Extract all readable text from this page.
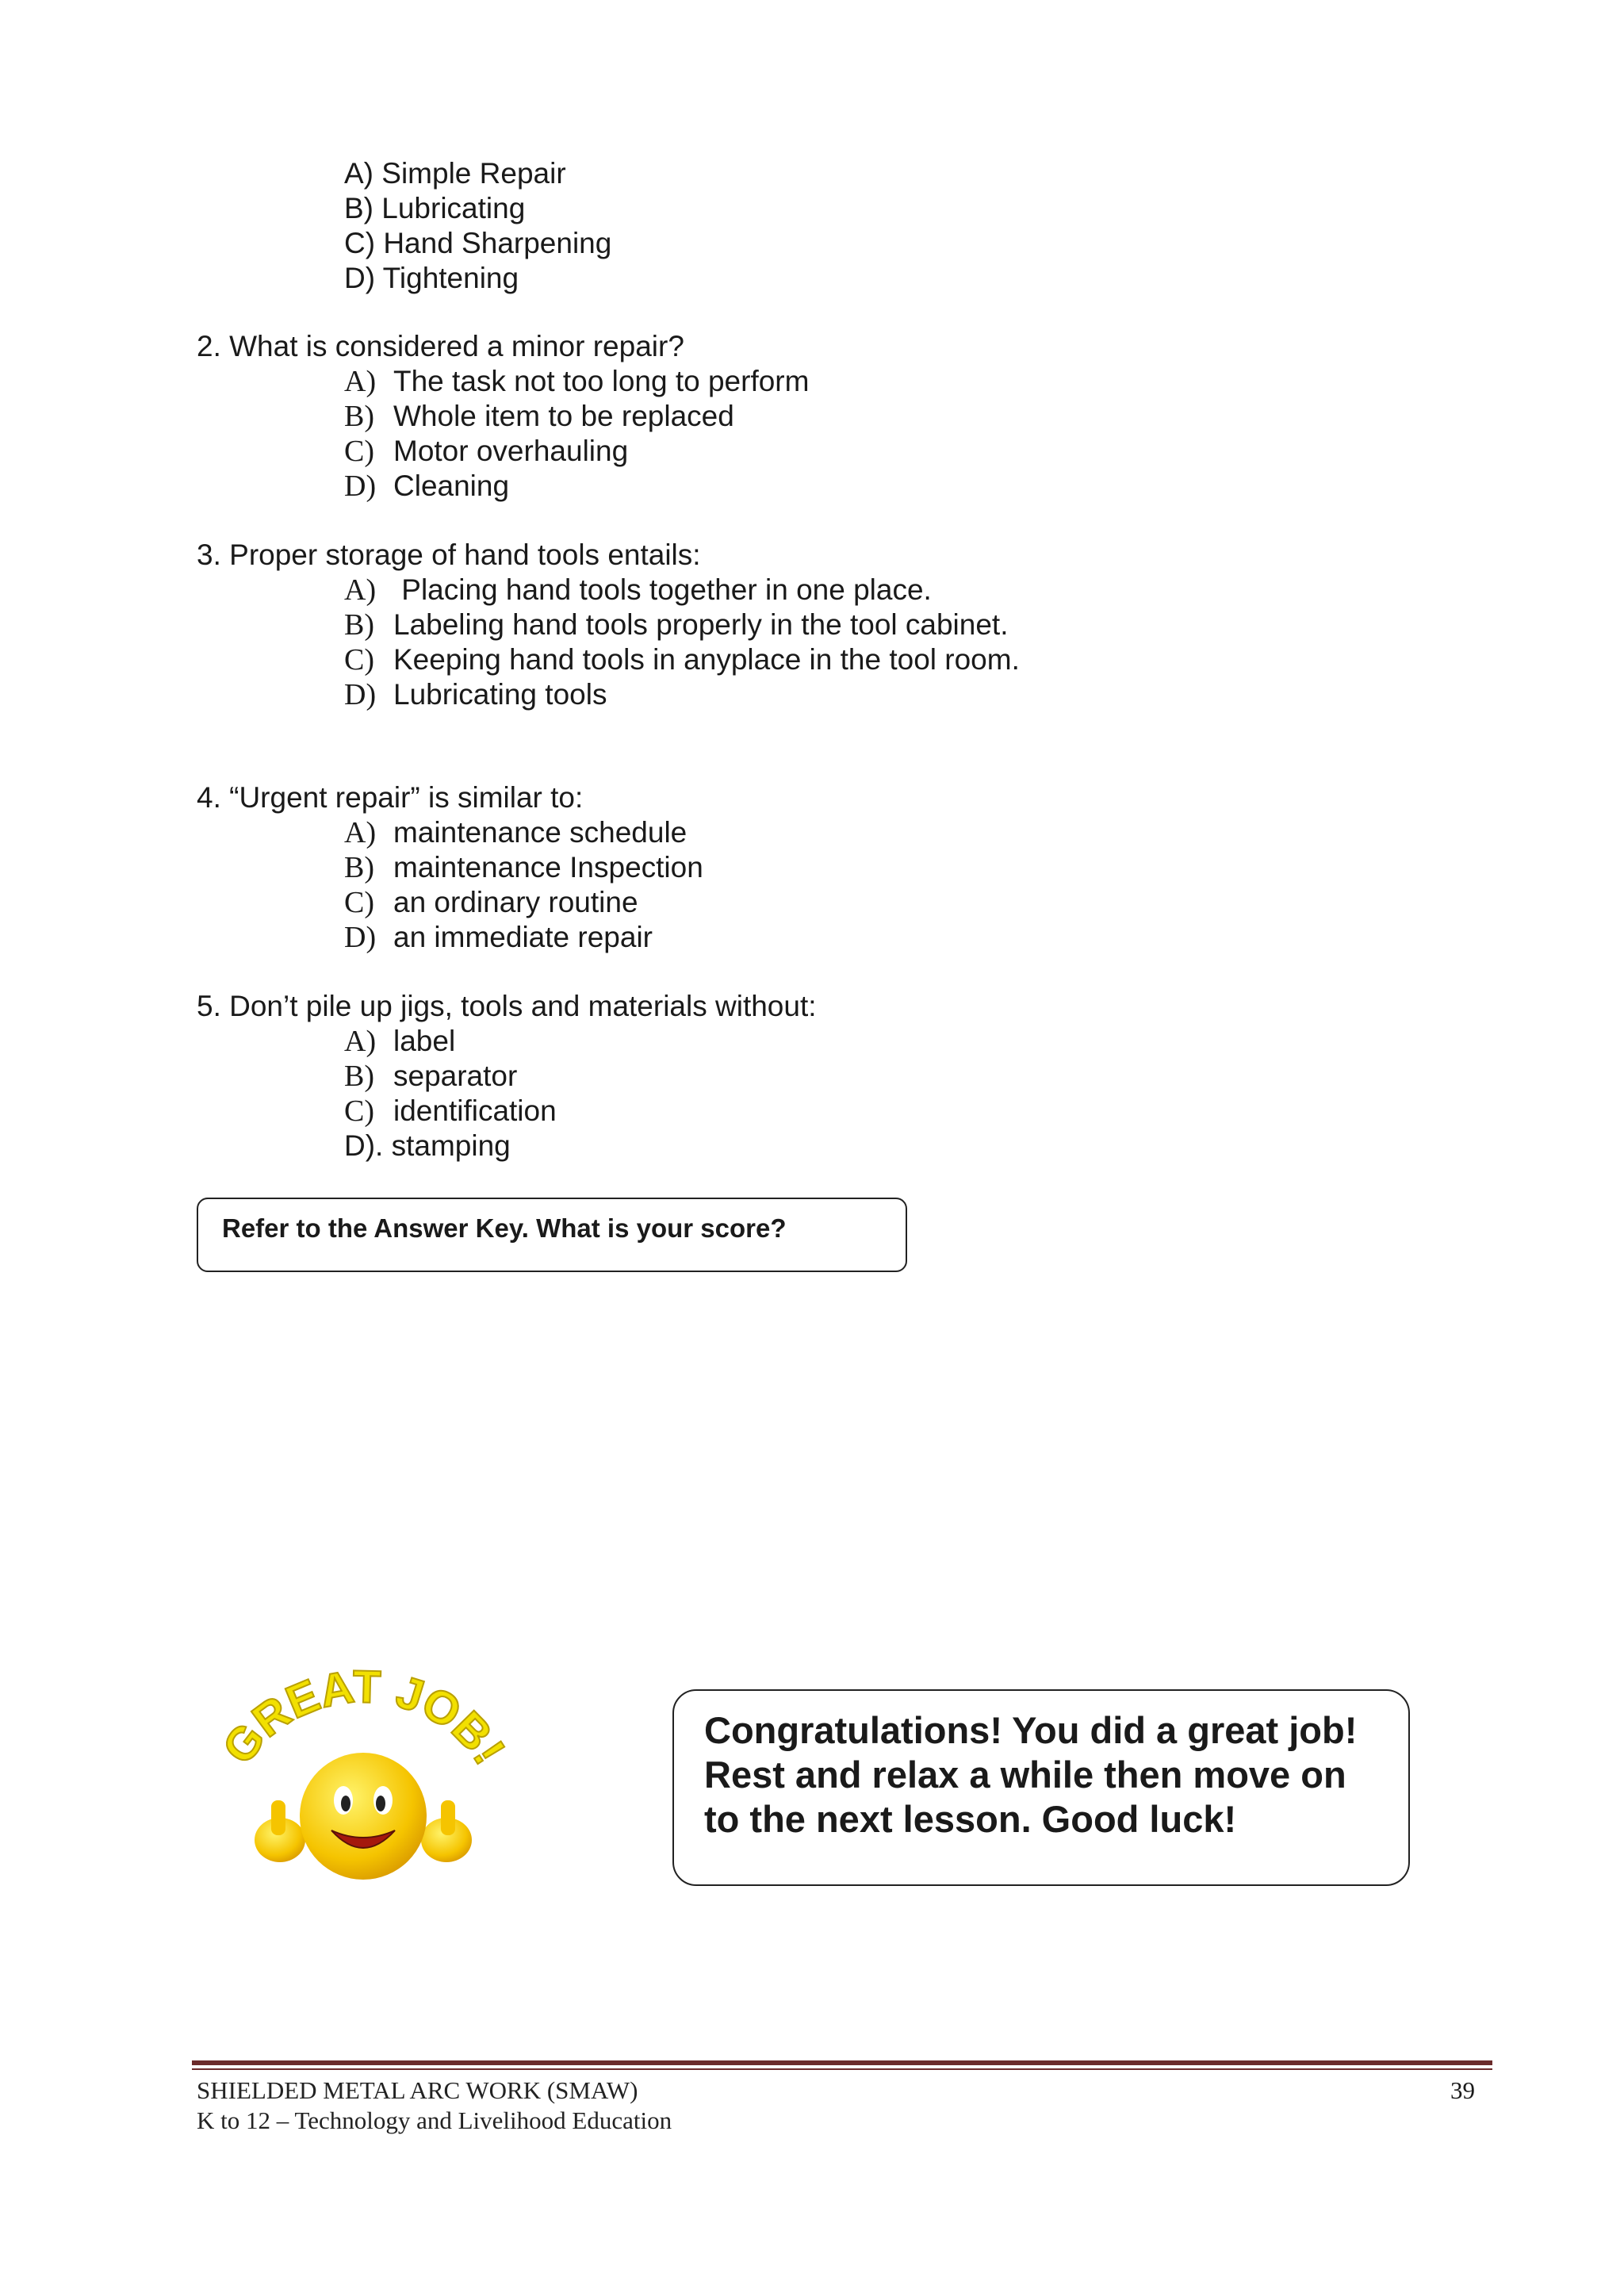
A) Simple Repair
B) Lubricating
C) Hand Sharpening
D) Tightening
2. What is considered a minor repair?
A) The task not too long to perform
B) Whole item to be replaced
C) Motor overhauling
D) Cleaning
3. Proper storage of hand tools entails:
A) Placing hand tools together in one place.
B) Labeling hand tools properly in the tool cabinet.
C) Keeping hand tools in anyplace in the tool room.
D) Lubricating tools
4. “Urgent repair” is similar to:
A) maintenance schedule
B) maintenance Inspection
C) an ordinary routine
D) an immediate repair
5. Don’t pile up jigs, tools and materials without:
A) label
B) separator
C) identification
D). stamping
Refer to the Answer Key. What is your score?
GREAT JOB!
Congratulations! You did a great job!
Rest and relax a while then move on
to the next lesson. Good luck!
SHIELDED METAL ARC WORK (SMAW)
K to 12 – Technology and Livelihood Education
39
